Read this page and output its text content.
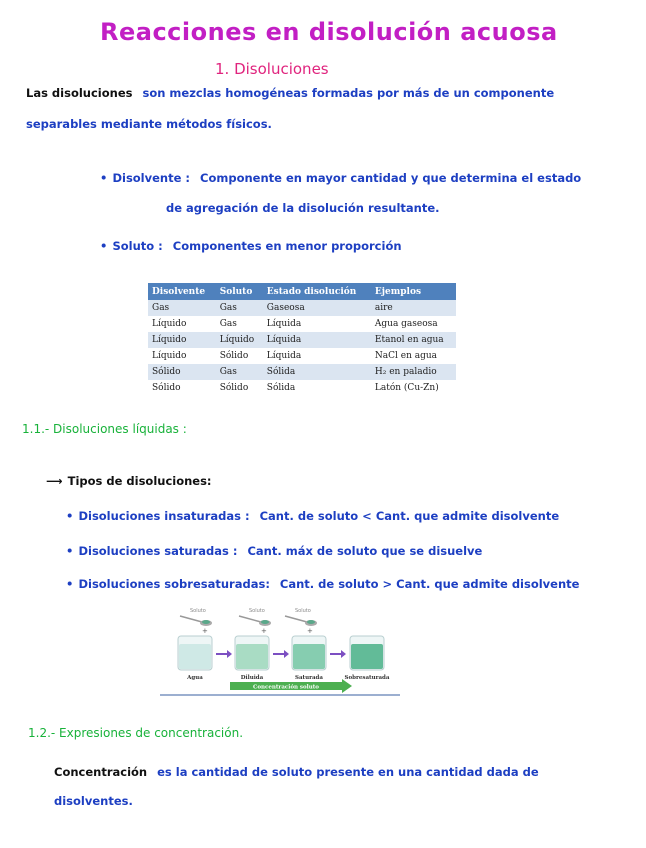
Reacciones en disolución acuosa
1. Disoluciones
Las disoluciones son mezclas homogéneas formadas por más de un componente
separables mediante métodos físicos.
• Disolvente : Componente en mayor cantidad y que determina el estado
de agregación de la disolución resultante.
• Soluto : Componentes en menor proporción
Disolvente	Soluto	Estado disolución	Ejemplos
Gas	Gas	Gaseosa	aire
Líquido	Gas	Líquida	Agua gaseosa
Líquido	Líquido	Líquida	Etanol en agua
Líquido	Sólido	Líquida	NaCl en agua
Sólido	Gas	Sólida	H₂ en paladio
Sólido	Sólido	Sólida	Latón (Cu-Zn)
1.1.- Disoluciones líquidas :
⟶ Tipos de disoluciones:
• Disoluciones insaturadas : Cant. de soluto < Cant. que admite disolvente
• Disoluciones saturadas : Cant. máx de soluto que se disuelve
• Disoluciones sobresaturadas: Cant. de soluto > Cant. que admite disolvente
Soluto
+
Soluto
+
Soluto
+
Agua	Diluida	Saturada	Sobresaturada
Concentración soluto
1.2.- Expresiones de concentración.
Concentración es la cantidad de soluto presente en una cantidad dada de
disolventes.
